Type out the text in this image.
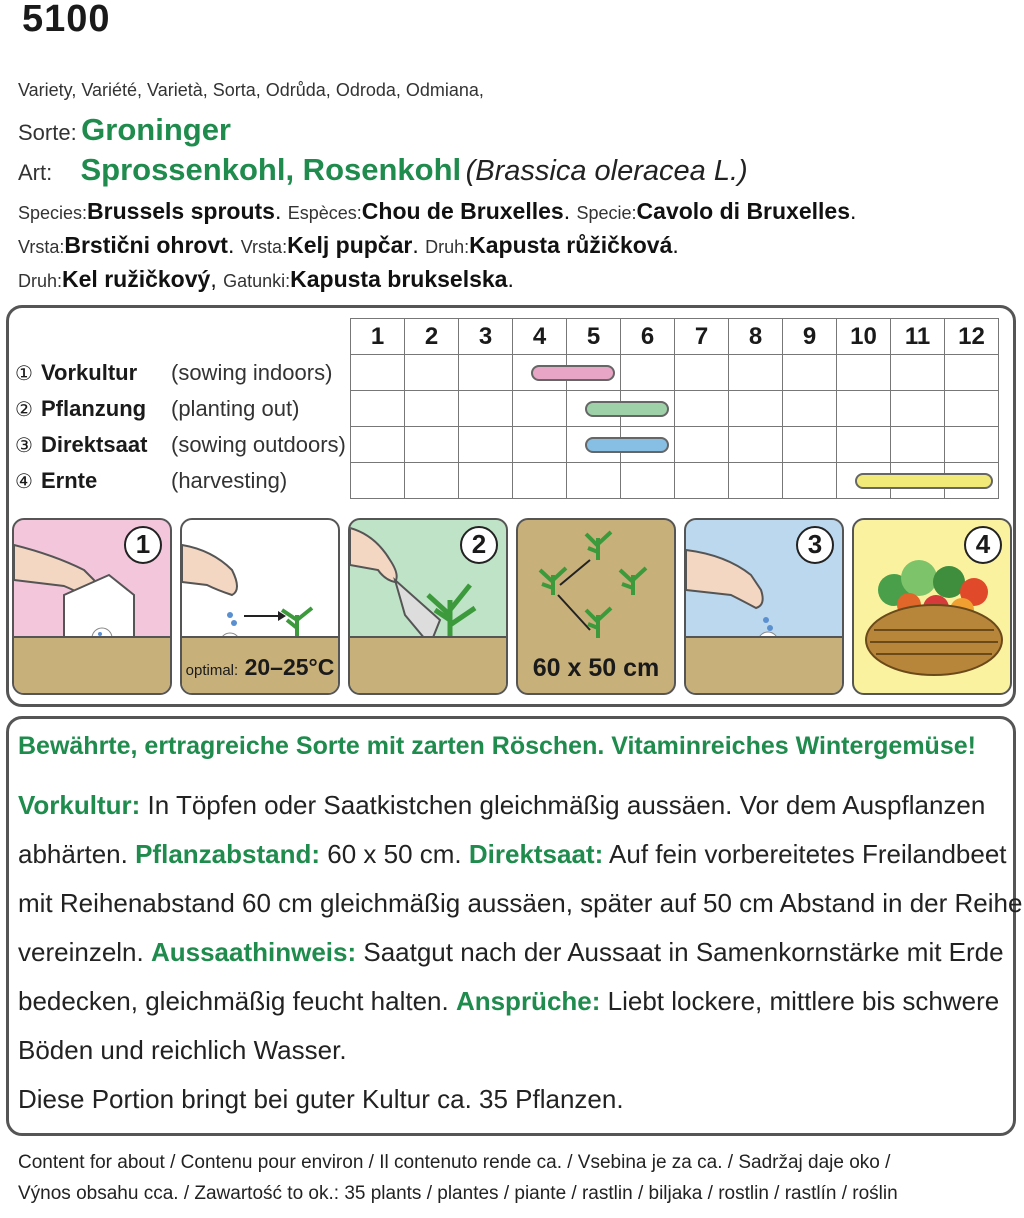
5100
Variety, Variété, Varietà, Sorta, Odrůda, Odroda, Odmiana,
Sorte: Groninger
Art: Sprossenkohl, Rosenkohl (Brassica oleracea L.)
Species:Brussels sprouts. Espèces:Chou de Bruxelles. Specie:Cavolo di Bruxelles.
Vrsta:Brstični ohrovt. Vrsta:Kelj pupčar. Druh:Kapusta růžičková.
Druh:Kel ružičkový, Gatunki:Kapusta brukselska.
	1	2	3	4	5	6	7	8	9	10	11	12
① Vorkultur (sowing indoors)												
② Pflanzung (planting out)												
③ Direktsaat (sowing outdoors)												
④ Ernte (harvesting)												
1
optimal: 20–25°C
2
60 x 50 cm
3	4
Bewährte, ertragreiche Sorte mit zarten Röschen. Vitaminreiches Wintergemüse!
Vorkultur: In Töpfen oder Saatkistchen gleichmäßig aussäen. Vor dem Auspflanzen
abhärten. Pflanzabstand: 60 x 50 cm. Direktsaat: Auf fein vorbereitetes Freilandbeet
mit Reihenabstand 60 cm gleichmäßig aussäen, später auf 50 cm Abstand in der Reihe
vereinzeln. Aussaathinweis: Saatgut nach der Aussaat in Samenkornstärke mit Erde
bedecken, gleichmäßig feucht halten. Ansprüche: Liebt lockere, mittlere bis schwere
Böden und reichlich Wasser.
Diese Portion bringt bei guter Kultur ca. 35 Pflanzen.
Content for about / Contenu pour environ / Il contenuto rende ca. / Vsebina je za ca. / Sadržaj daje oko /
Výnos obsahu cca. / Zawartość to ok.: 35 plants / plantes / piante / rastlin / biljaka / rostlin / rastlín / roślin
